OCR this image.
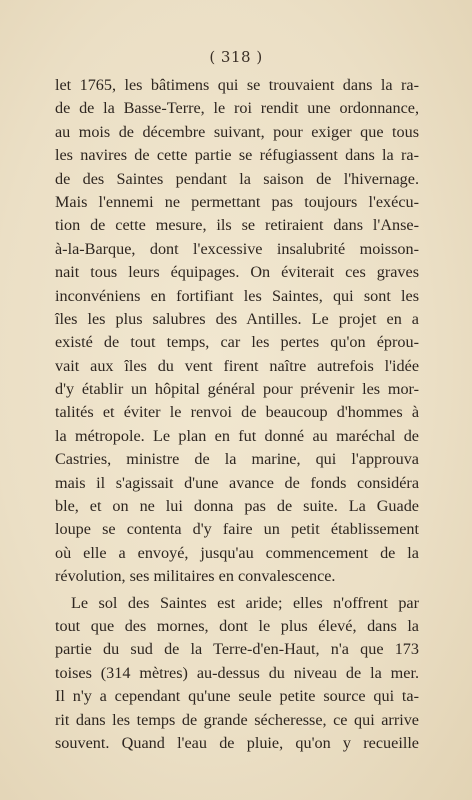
( 318 )
let 1765, les bâtimens qui se trouvaient dans la ra-
de de la Basse-Terre, le roi rendit une ordonnance,
au mois de décembre suivant, pour exiger que tous
les navires de cette partie se réfugiassent dans la ra-
de des Saintes pendant la saison de l'hivernage.
Mais l'ennemi ne permettant pas toujours l'exécu-
tion de cette mesure, ils se retiraient dans l'Anse-
à-la-Barque, dont l'excessive insalubrité moisson-
nait tous leurs équipages. On éviterait ces graves
inconvéniens en fortifiant les Saintes, qui sont les
îles les plus salubres des Antilles. Le projet en a
existé de tout temps, car les pertes qu'on éprou-
vait aux îles du vent firent naître autrefois l'idée
d'y établir un hôpital général pour prévenir les mor-
talités et éviter le renvoi de beaucoup d'hommes à
la métropole. Le plan en fut donné au maréchal de
Castries, ministre de la marine, qui l'approuva
mais il s'agissait d'une avance de fonds considéra
ble, et on ne lui donna pas de suite. La Guade
loupe se contenta d'y faire un petit établissement
où elle a envoyé, jusqu'au commencement de la
révolution, ses militaires en convalescence.
Le sol des Saintes est aride; elles n'offrent par
tout que des mornes, dont le plus élevé, dans la
partie du sud de la Terre-d'en-Haut, n'a que 173
toises (314 mètres) au-dessus du niveau de la mer.
Il n'y a cependant qu'une seule petite source qui ta-
rit dans les temps de grande sécheresse, ce qui arrive
souvent. Quand l'eau de pluie, qu'on y recueille
